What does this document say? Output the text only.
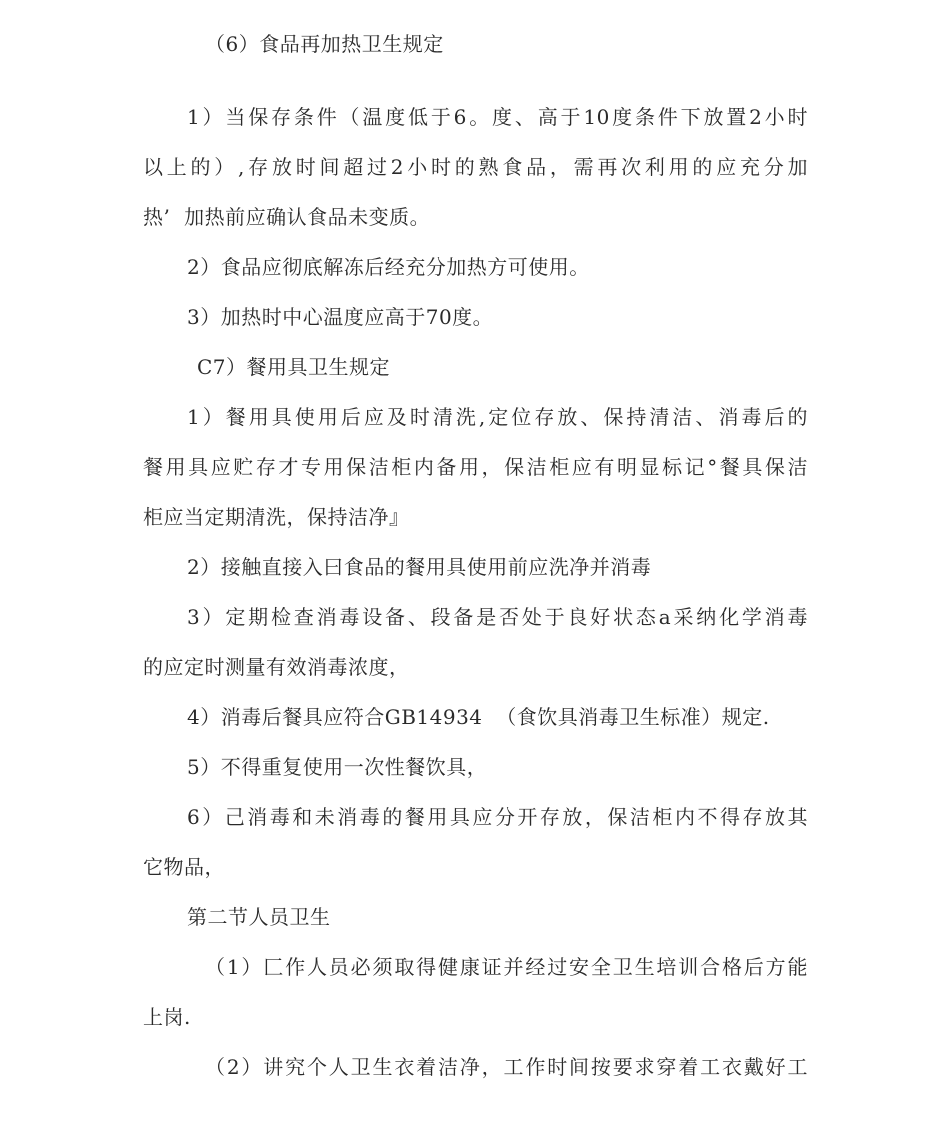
（6）食品再加热卫生规定
1）当保存条件（温度低于6。度、高于10度条件下放置2小时
以上的）,存放时间超过2小时的熟食品，需再次利用的应充分加
热’  加热前应确认食品未变质。
2）食品应彻底解冻后经充分加热方可使用。
3）加热时中心温度应高于70度。
C7）餐用具卫生规定
1）餐用具使用后应及时清洗,定位存放、保持清洁、消毒后的
餐用具应贮存才专用保洁柜内备用，保洁柜应有明显标记°餐具保洁
柜应当定期清洗，保持洁净』
2）接触直接入曰食品的餐用具使用前应洗净并消毒
3）定期检查消毒设备、段备是否处于良好状态a采纳化学消毒
的应定时测量有效消毒浓度，
4）消毒后餐具应符合GB14934  （食饮具消毒卫生标准）规定.
5）不得重复使用一次性餐饮具，
6）己消毒和未消毒的餐用具应分开存放，保洁柜内不得存放其
它物品，
第二节人员卫生
（1）匚作人员必须取得健康证并经过安全卫生培训合格后方能
上岗.
（2）讲究个人卫生衣着洁净，工作时间按要求穿着工衣戴好工
